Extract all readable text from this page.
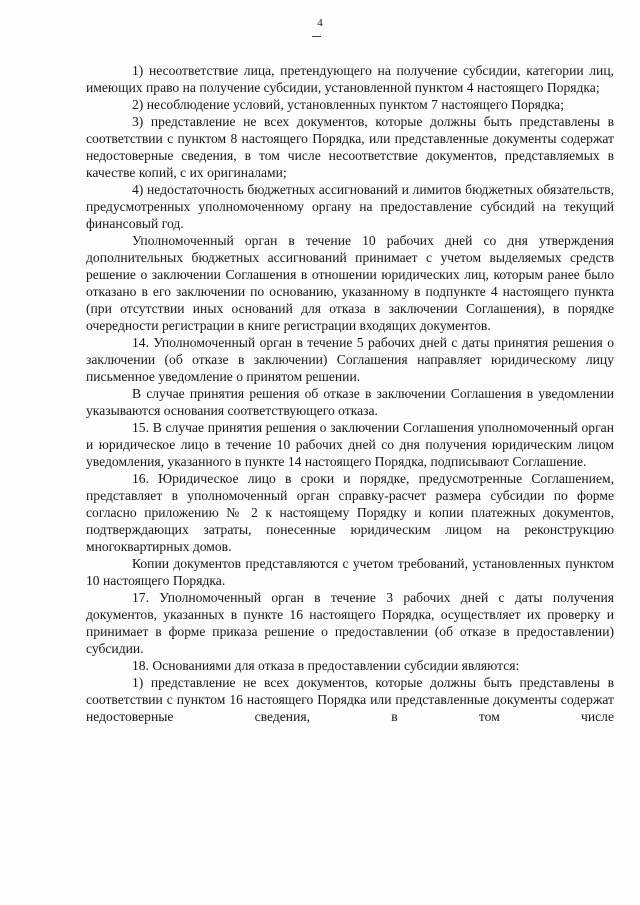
4

1) несоответствие лица, претендующего на получение субсидии, категории лиц, имеющих право на получение субсидии, установленной пунктом 4 настоящего Порядка;

2) несоблюдение условий, установленных пунктом 7 настоящего Порядка;

3) представление не всех документов, которые должны быть представлены в соответствии с пунктом 8 настоящего Порядка, или представленные документы содержат недостоверные сведения, в том числе несоответствие документов, представляемых в качестве копий, с их оригиналами;

4) недостаточность бюджетных ассигнований и лимитов бюджетных обязательств, предусмотренных уполномоченному органу на предоставление субсидий на текущий финансовый год.

Уполномоченный орган в течение 10 рабочих дней со дня утверждения дополнительных бюджетных ассигнований принимает с учетом выделяемых средств решение о заключении Соглашения в отношении юридических лиц, которым ранее было отказано в его заключении по основанию, указанному в подпункте 4 настоящего пункта (при отсутствии иных оснований для отказа в заключении Соглашения), в порядке очередности регистрации в книге регистрации входящих документов.

14. Уполномоченный орган в течение 5 рабочих дней с даты принятия решения о заключении (об отказе в заключении) Соглашения направляет юридическому лицу письменное уведомление о принятом решении.

В случае принятия решения об отказе в заключении Соглашения в уведомлении указываются основания соответствующего отказа.

15. В случае принятия решения о заключении Соглашения уполномоченный орган и юридическое лицо в течение 10 рабочих дней со дня получения юридическим лицом уведомления, указанного в пункте 14 настоящего Порядка, подписывают Соглашение.

16. Юридическое лицо в сроки и порядке, предусмотренные Соглашением, представляет в уполномоченный орган справку-расчет размера субсидии по форме согласно приложению № 2 к настоящему Порядку и копии платежных документов, подтверждающих затраты, понесенные юридическим лицом на реконструкцию многоквартирных домов.

Копии документов представляются с учетом требований, установленных пунктом 10 настоящего Порядка.

17. Уполномоченный орган в течение 3 рабочих дней с даты получения документов, указанных в пункте 16 настоящего Порядка, осуществляет их проверку и принимает в форме приказа решение о предоставлении (об отказе в предоставлении) субсидии.

18. Основаниями для отказа в предоставлении субсидии являются:

1) представление не всех документов, которые должны быть представлены в соответствии с пунктом 16 настоящего Порядка или представленные документы содержат недостоверные сведения, в том числе
